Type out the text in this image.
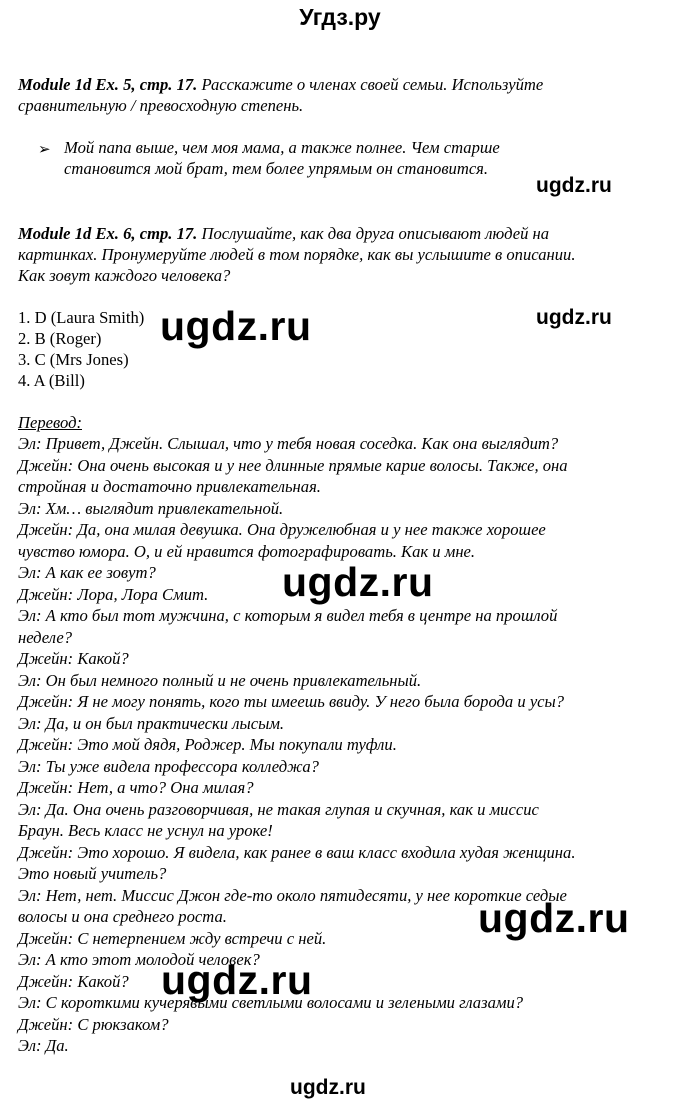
Угдз.ру
Module 1d Ex. 5, стр. 17. Расскажите о членах своей семьи. Используйте
сравнительную / превосходную степень.
➢ Мой папа выше, чем моя мама, а также полнее. Чем старше
становится мой брат, тем более упрямым он становится.
Module 1d Ex. 6, стр. 17. Послушайте, как два друга описывают людей на
картинках. Пронумеруйте людей в том порядке, как вы услышите в описании.
Как зовут каждого человека?
1. D (Laura Smith)
2. B (Roger)
3. C (Mrs Jones)
4. A (Bill)
Перевод:
Эл: Привет, Джейн. Слышал, что у тебя новая соседка. Как она выглядит?
Джейн: Она очень высокая и у нее длинные прямые карие волосы. Также, она
стройная и достаточно привлекательная.
Эл: Хм… выглядит привлекательной.
Джейн: Да, она милая девушка. Она дружелюбная и у нее также хорошее
чувство юмора. О, и ей нравится фотографировать. Как и мне.
Эл: А как ее зовут?
Джейн: Лора, Лора Смит.
Эл: А кто был тот мужчина, с которым я видел тебя в центре на прошлой
неделе?
Джейн: Какой?
Эл: Он был немного полный и не очень привлекательный.
Джейн: Я не могу понять, кого ты имеешь ввиду. У него была борода и усы?
Эл: Да, и он был практически лысым.
Джейн: Это мой дядя, Роджер. Мы покупали туфли.
Эл: Ты уже видела професcора колледжа?
Джейн: Нет, а что? Она милая?
Эл: Да. Она очень разговорчивая, не такая глупая и скучная, как и миссис
Браун. Весь класс не уснул на уроке!
Джейн: Это хорошо. Я видела, как ранее в ваш класс входила худая женщина.
Это новый учитель?
Эл: Нет, нет. Миссис Джон где-то около пятидесяти, у нее короткие седые
волосы и она среднего роста.
Джейн: С нетерпением жду встречи с ней.
Эл: А кто этот молодой человек?
Джейн: Какой?
Эл: С короткими кучерявыми светлыми волосами и зелеными глазами?
Джейн: С рюкзаком?
Эл: Да.
ugdz.ru
ugdz.ru
ugdz.ru
ugdz.ru
ugdz.ru
ugdz.ru
ugdz.ru
